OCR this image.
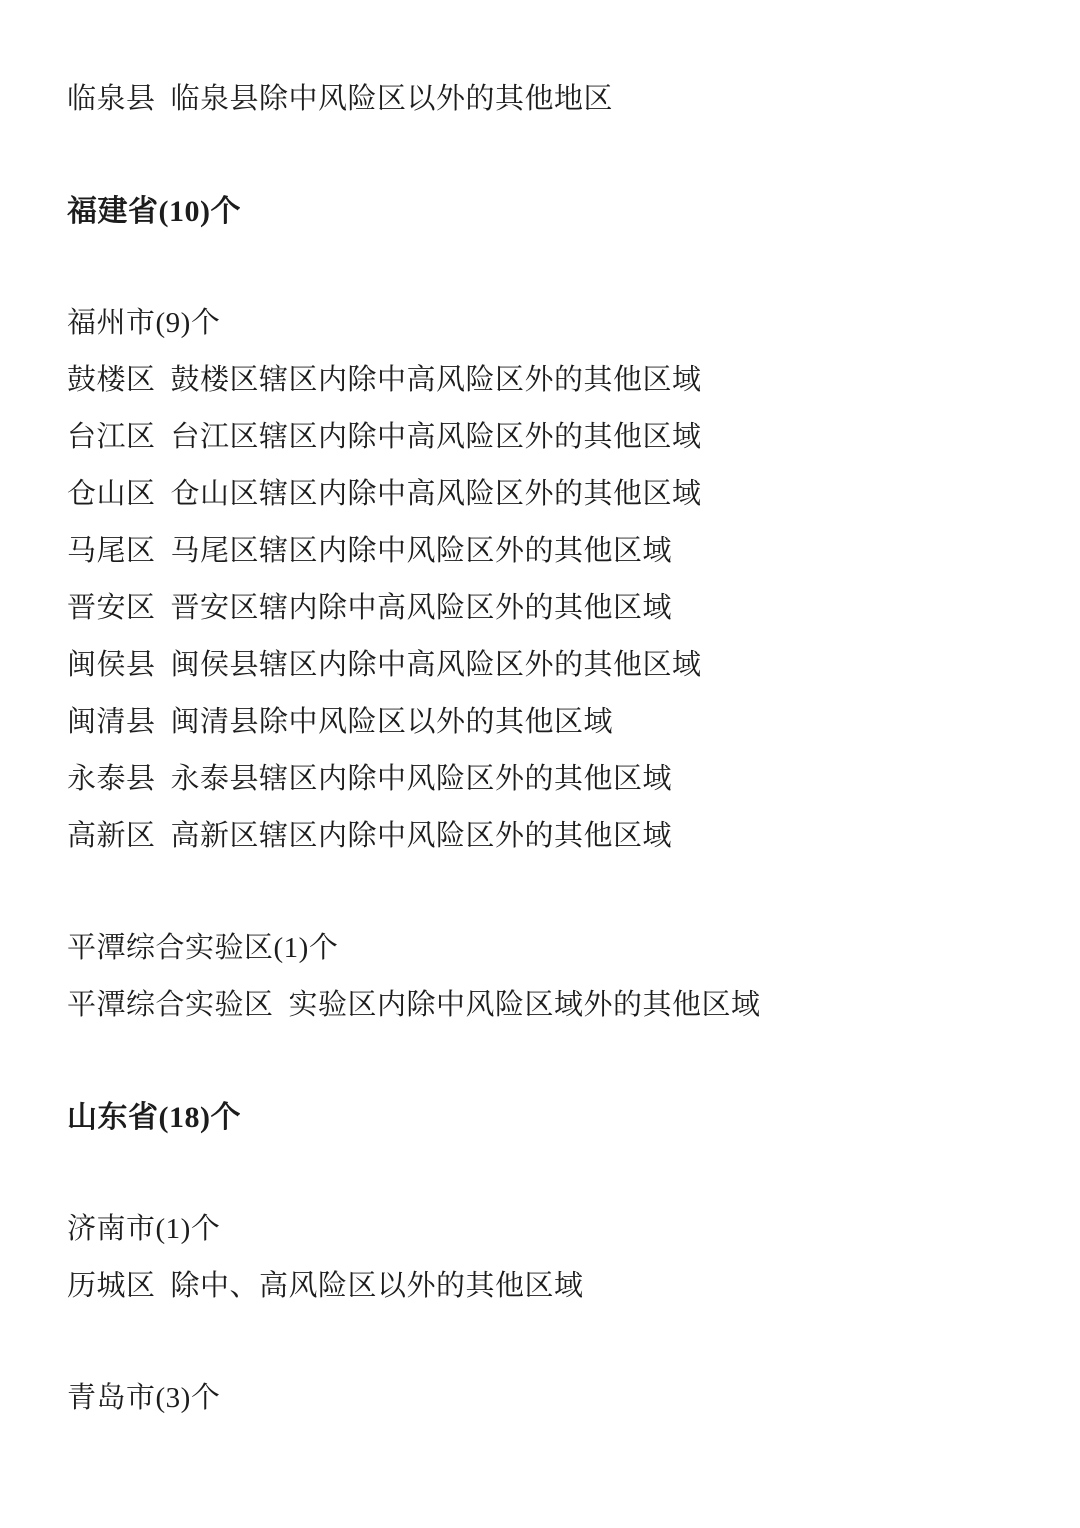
临泉县 临泉县除中风险区以外的其他地区
福建省(10)个
福州市(9)个
鼓楼区 鼓楼区辖区内除中高风险区外的其他区域
台江区 台江区辖区内除中高风险区外的其他区域
仓山区 仓山区辖区内除中高风险区外的其他区域
马尾区 马尾区辖区内除中风险区外的其他区域
晋安区 晋安区辖内除中高风险区外的其他区域
闽侯县 闽侯县辖区内除中高风险区外的其他区域
闽清县 闽清县除中风险区以外的其他区域
永泰县 永泰县辖区内除中风险区外的其他区域
高新区 高新区辖区内除中风险区外的其他区域
平潭综合实验区(1)个
平潭综合实验区 实验区内除中风险区域外的其他区域
山东省(18)个
济南市(1)个
历城区 除中、高风险区以外的其他区域
青岛市(3)个
